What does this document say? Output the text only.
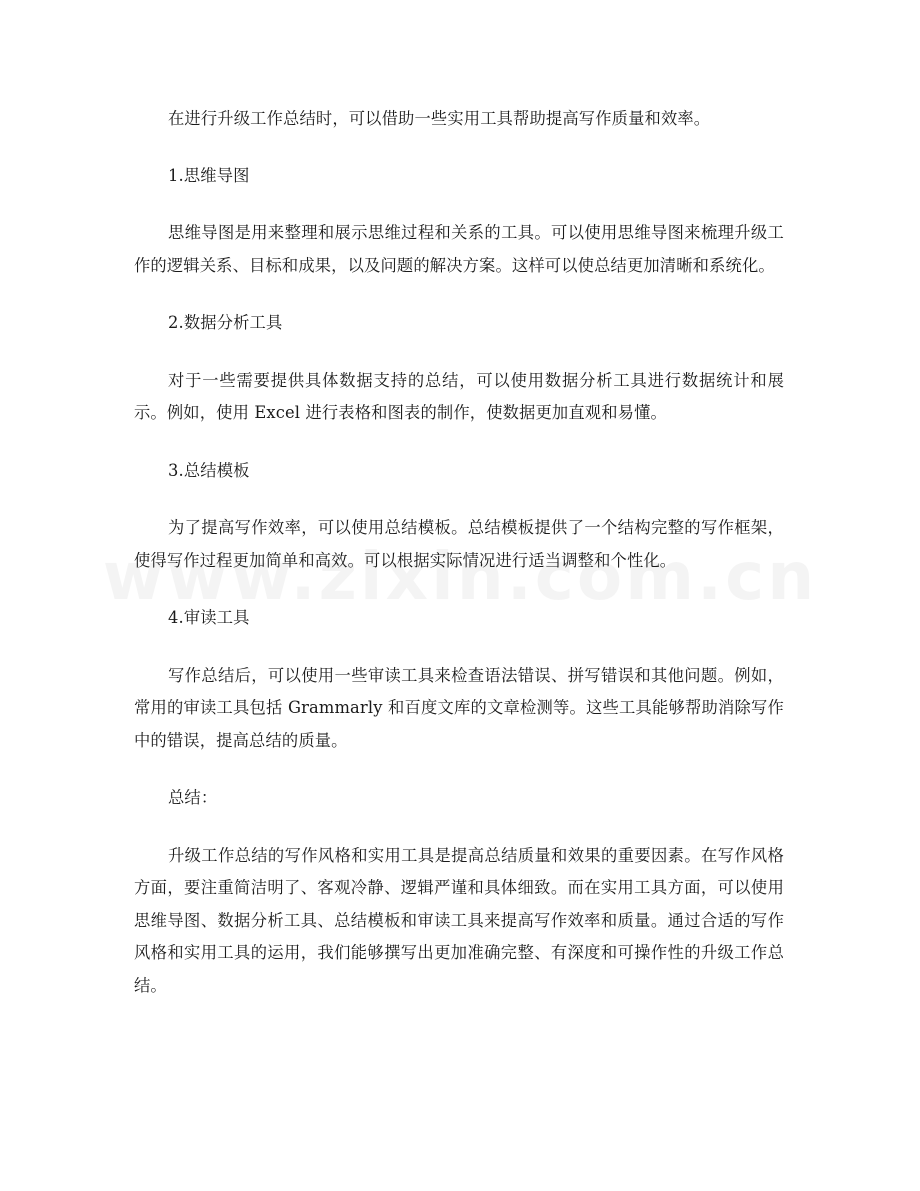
在进行升级工作总结时，可以借助一些实用工具帮助提高写作质量和效率。

1.思维导图

思维导图是用来整理和展示思维过程和关系的工具。可以使用思维导图来梳理升级工作的逻辑关系、目标和成果，以及问题的解决方案。这样可以使总结更加清晰和系统化。

2.数据分析工具

对于一些需要提供具体数据支持的总结，可以使用数据分析工具进行数据统计和展示。例如，使用 Excel 进行表格和图表的制作，使数据更加直观和易懂。

3.总结模板

为了提高写作效率，可以使用总结模板。总结模板提供了一个结构完整的写作框架，使得写作过程更加简单和高效。可以根据实际情况进行适当调整和个性化。

4.审读工具

写作总结后，可以使用一些审读工具来检查语法错误、拼写错误和其他问题。例如，常用的审读工具包括 Grammarly 和百度文库的文章检测等。这些工具能够帮助消除写作中的错误，提高总结的质量。

总结：

升级工作总结的写作风格和实用工具是提高总结质量和效果的重要因素。在写作风格方面，要注重简洁明了、客观冷静、逻辑严谨和具体细致。而在实用工具方面，可以使用思维导图、数据分析工具、总结模板和审读工具来提高写作效率和质量。通过合适的写作风格和实用工具的运用，我们能够撰写出更加准确完整、有深度和可操作性的升级工作总结。
